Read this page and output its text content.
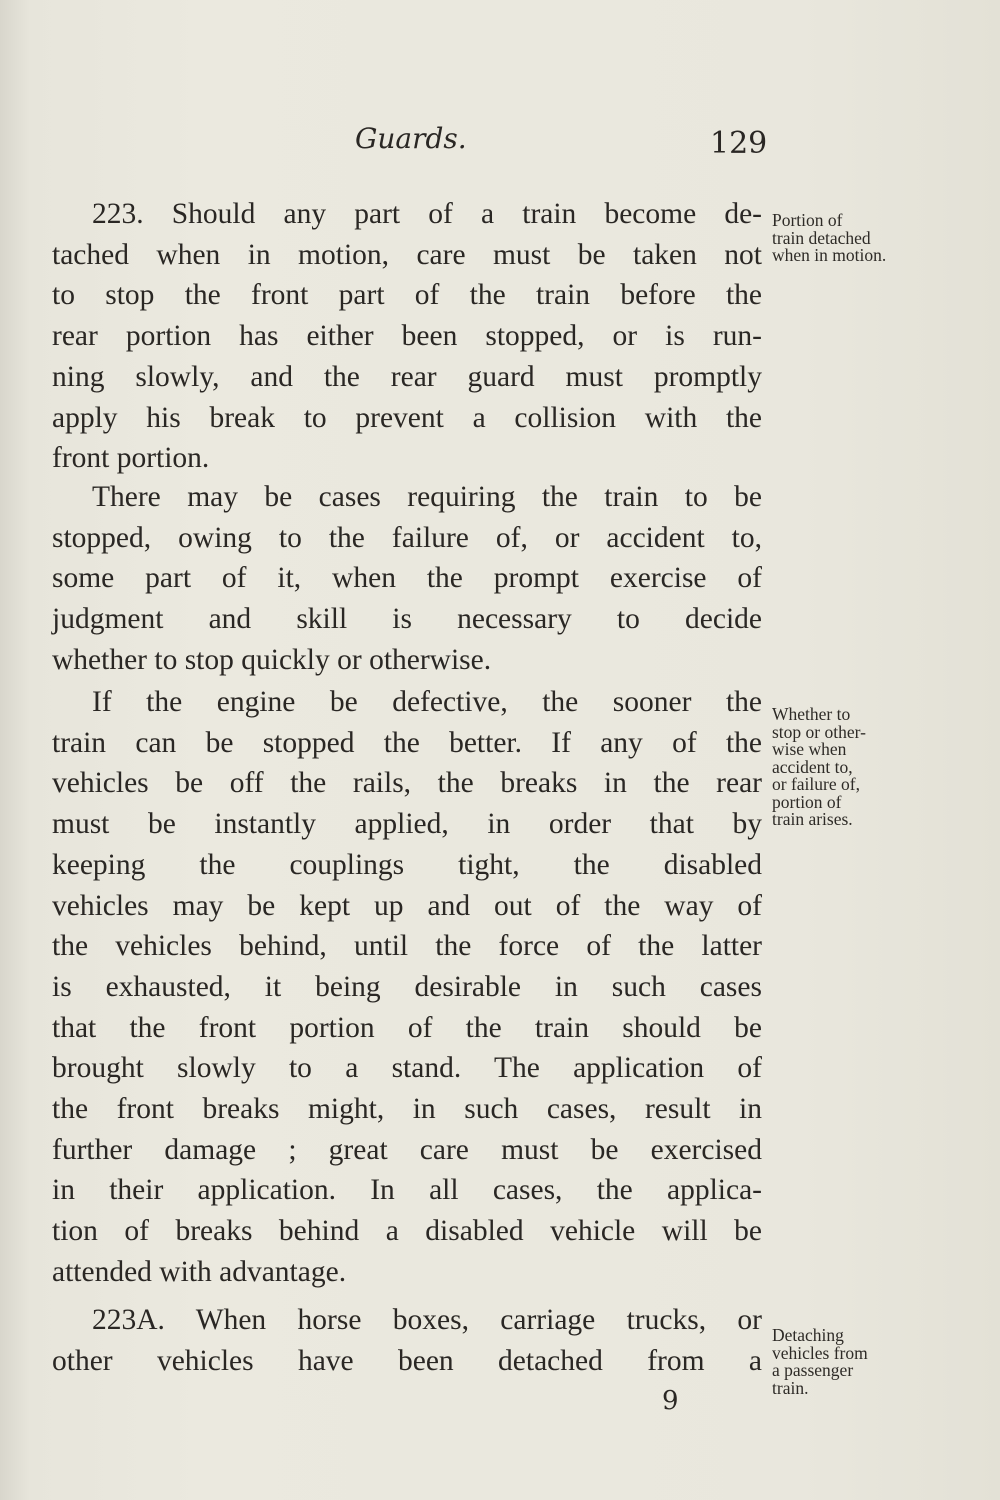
Guards.	129
223. Should any part of a train become de-
tached when in motion, care must be taken not
to stop the front part of the train before the
rear portion has either been stopped, or is run-
ning slowly, and the rear guard must promptly
apply his break to prevent a collision with the
front portion.
There may be cases requiring the train to be
stopped, owing to the failure of, or accident to,
some part of it, when the prompt exercise of
judgment and skill is necessary to decide
whether to stop quickly or otherwise.
If the engine be defective, the sooner the
train can be stopped the better. If any of the
vehicles be off the rails, the breaks in the rear
must be instantly applied, in order that by
keeping the couplings tight, the disabled
vehicles may be kept up and out of the way of
the vehicles behind, until the force of the latter
is exhausted, it being desirable in such cases
that the front portion of the train should be
brought slowly to a stand. The application of
the front breaks might, in such cases, result in
further damage ; great care must be exercised
in their application. In all cases, the applica-
tion of breaks behind a disabled vehicle will be
attended with advantage.
223A. When horse boxes, carriage trucks, or
other vehicles have been detached from a
Portion of
train detached
when in motion.
Whether to
stop or other-
wise when
accident to,
or failure of,
portion of
train arises.
Detaching
vehicles from
a passenger
train.
9
